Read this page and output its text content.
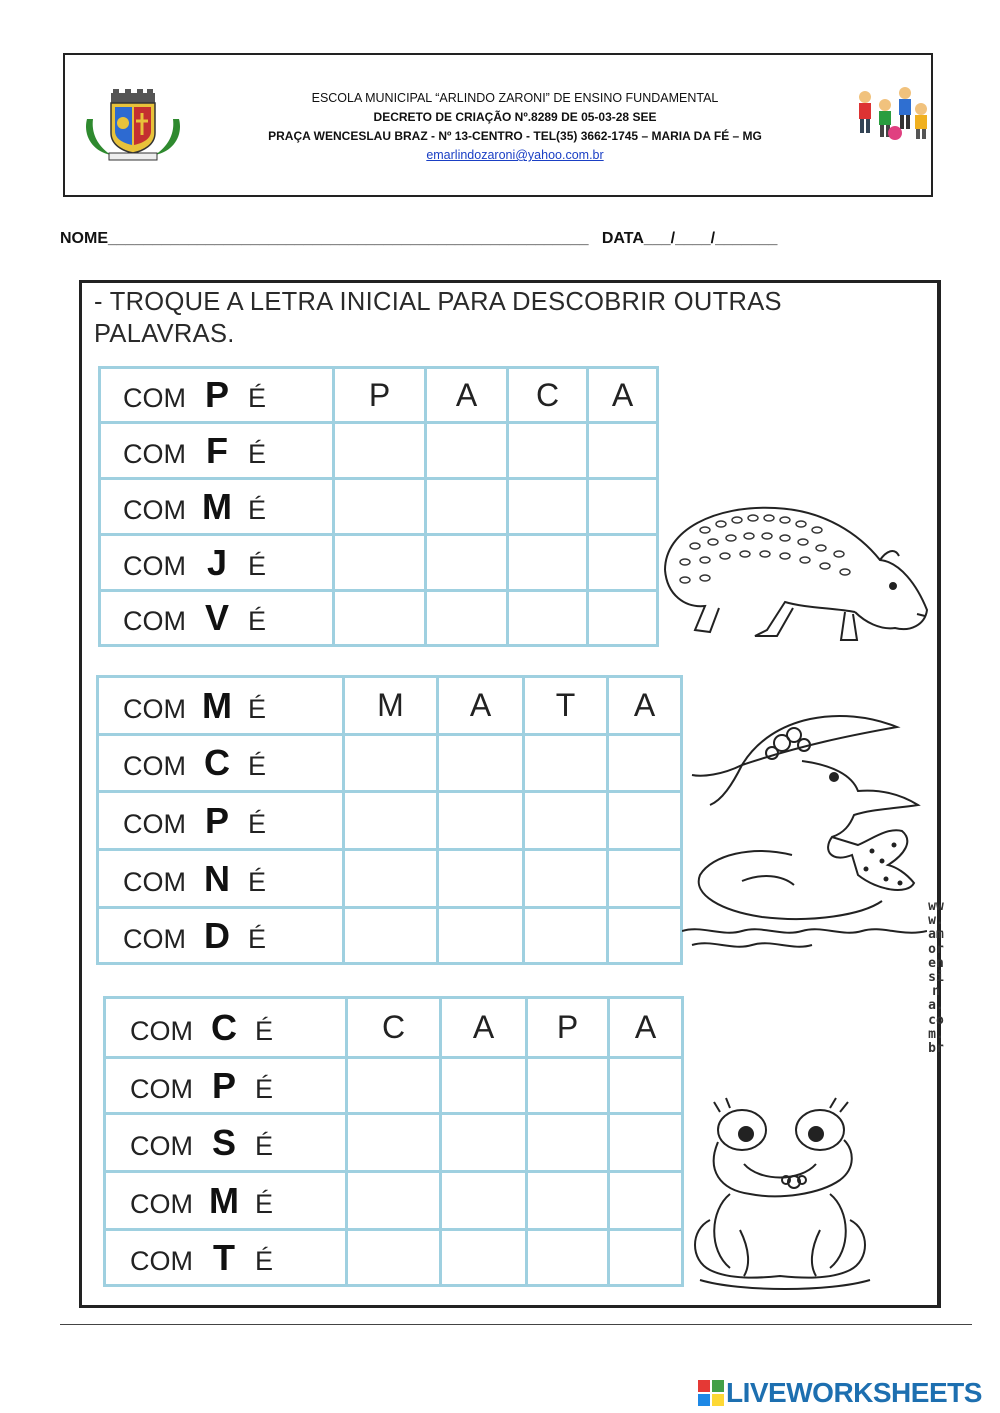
ESCOLA MUNICIPAL “ARLINDO ZARONI” DE ENSINO FUNDAMENTAL
DECRETO DE CRIAÇÃO Nº.8289 DE 05-03-28 SEE
PRAÇA WENCESLAU BRAZ - Nº 13-CENTRO - TEL(35) 3662-1745 – MARIA DA FÉ – MG
emarlindozaroni@yahoo.com.br
NOME______________________________________________________ DATA___/____/_______
- TROQUE A LETRA INICIAL PARA DESCOBRIR OUTRAS PALAVRAS.
COM P É	P	A	C	A
COM F É				
COM M É				
COM J É				
COM V É				
COM M É	M	A	T	A
COM C É				
COM P É				
COM N É				
COM D É				
COM C É	C	A	P	A
COM P É				
COM S É				
COM M É				
COM T É				
www.amorensina.com.br
LIVEWORKSHEETS
